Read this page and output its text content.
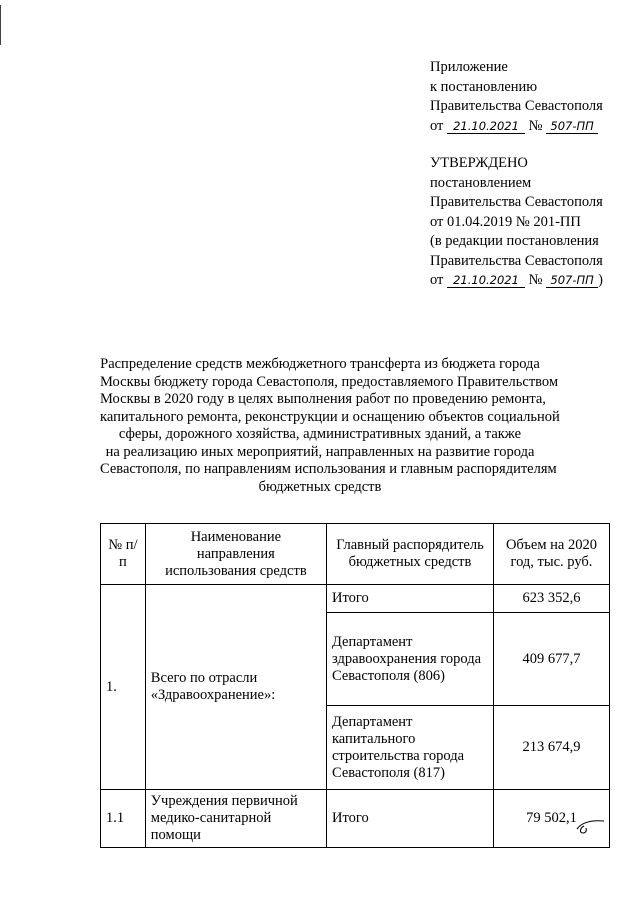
Приложение
к постановлению
Правительства Севастополя
от 21.10.2021 № 507-ПП
УТВЕРЖДЕНО
постановлением
Правительства Севастополя
от 01.04.2019 № 201-ПП
(в редакции постановления
Правительства Севастополя
от 21.10.2021 № 507-ПП )
Распределение средств межбюджетного трансферта из бюджета города
Москвы бюджету города Севастополя, предоставляемого Правительством
Москвы в 2020 году в целях выполнения работ по проведению ремонта,
капитального ремонта, реконструкции и оснащению объектов социальной
сферы, дорожного хозяйства, административных зданий, а также
на реализацию иных мероприятий, направленных на развитие города
Севастополя, по направлениям использования и главным распорядителям
бюджетных средств
№ п/п	Наименование направления использования средств	Главный распорядитель бюджетных средств	Объем на 2020 год, тыс. руб.
1.	Всего по отрасли «Здравоохранение»:	Итого	623 352,6
		Департамент здравоохранения города Севастополя (806)	409 677,7
		Департамент капитального строительства города Севастополя (817)	213 674,9
1.1	Учреждения первичной медико-санитарной помощи	Итого	79 502,1
